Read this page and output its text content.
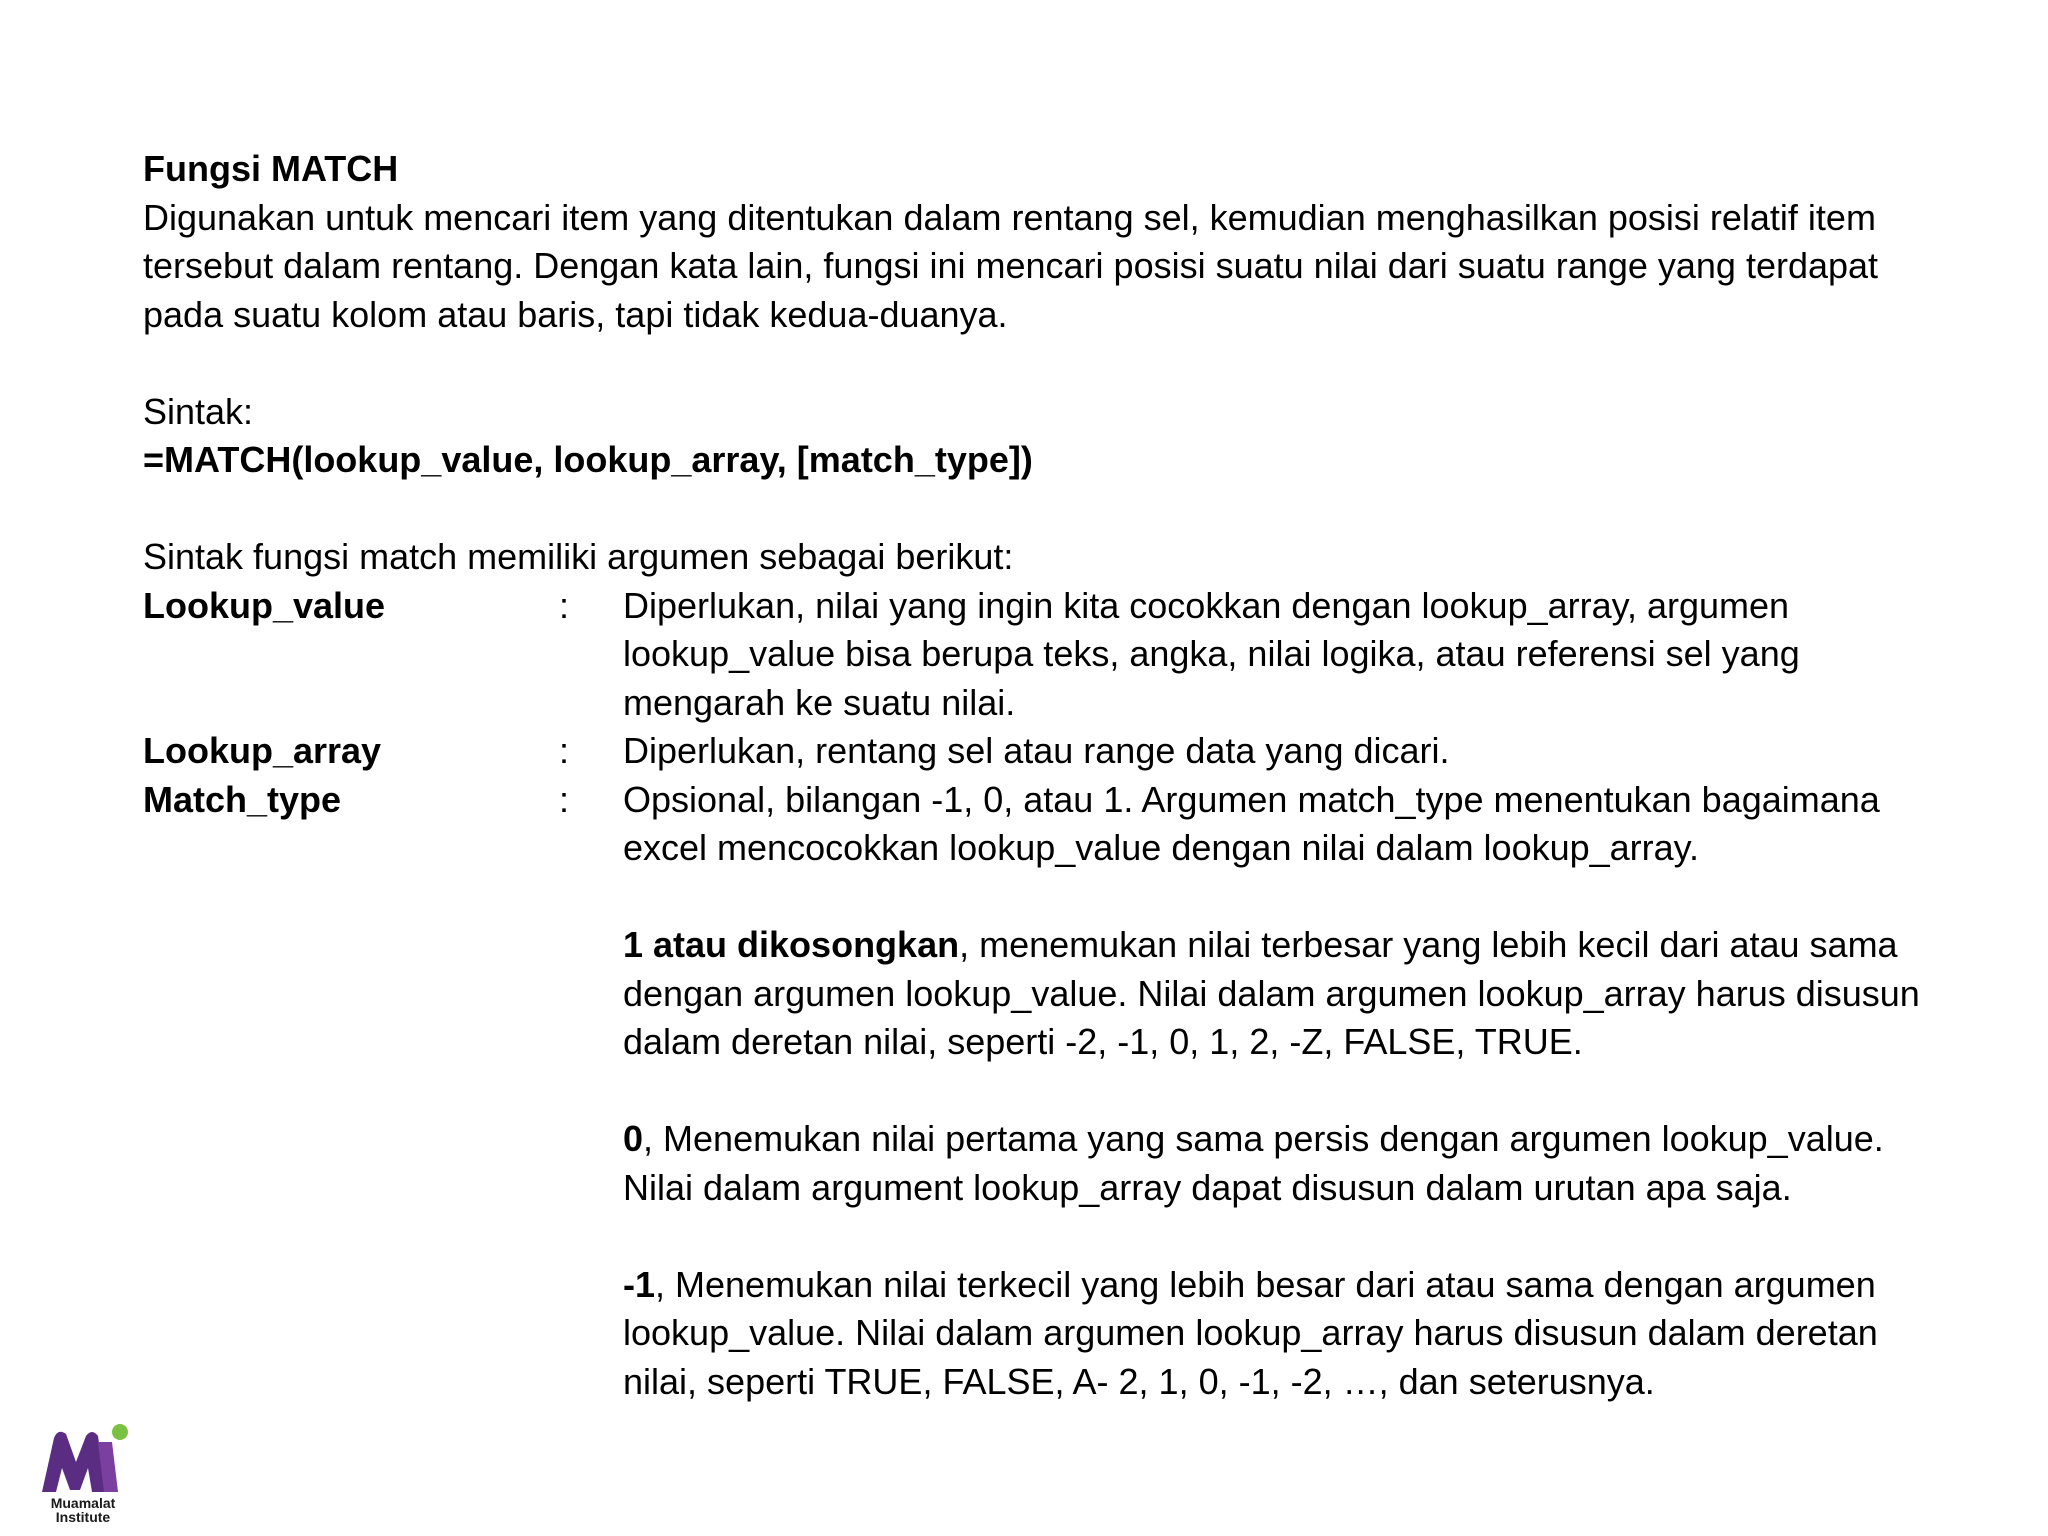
Fungsi MATCH
Digunakan untuk mencari item yang ditentukan dalam rentang sel, kemudian menghasilkan posisi relatif item tersebut dalam rentang. Dengan kata lain, fungsi ini mencari posisi suatu nilai dari suatu range yang terdapat pada suatu kolom atau baris, tapi tidak kedua-duanya.
Sintak:
=MATCH(lookup_value, lookup_array, [match_type])
Sintak fungsi match memiliki argumen sebagai berikut:
Lookup_value	:	Diperlukan, nilai yang ingin kita cocokkan dengan lookup_array, argumen lookup_value bisa berupa teks, angka, nilai logika, atau referensi sel yang mengarah ke suatu nilai.
Lookup_array	:	Diperlukan, rentang sel atau range data yang dicari.
Match_type	:	Opsional, bilangan -1, 0, atau 1. Argumen match_type menentukan bagaimana excel mencocokkan lookup_value dengan nilai dalam lookup_array.
1 atau dikosongkan, menemukan nilai terbesar yang lebih kecil dari atau sama dengan argumen lookup_value. Nilai dalam argumen lookup_array harus disusun dalam deretan nilai, seperti -2, -1, 0, 1, 2, -Z, FALSE, TRUE.
0, Menemukan nilai pertama yang sama persis dengan argumen lookup_value. Nilai dalam argument lookup_array dapat disusun dalam urutan apa saja.
-1, Menemukan nilai terkecil yang lebih besar dari atau sama dengan argumen lookup_value. Nilai dalam argumen lookup_array harus disusun dalam deretan nilai, seperti TRUE, FALSE, A- 2, 1, 0, -1, -2, …, dan seterusnya.
Muamalat
Institute
